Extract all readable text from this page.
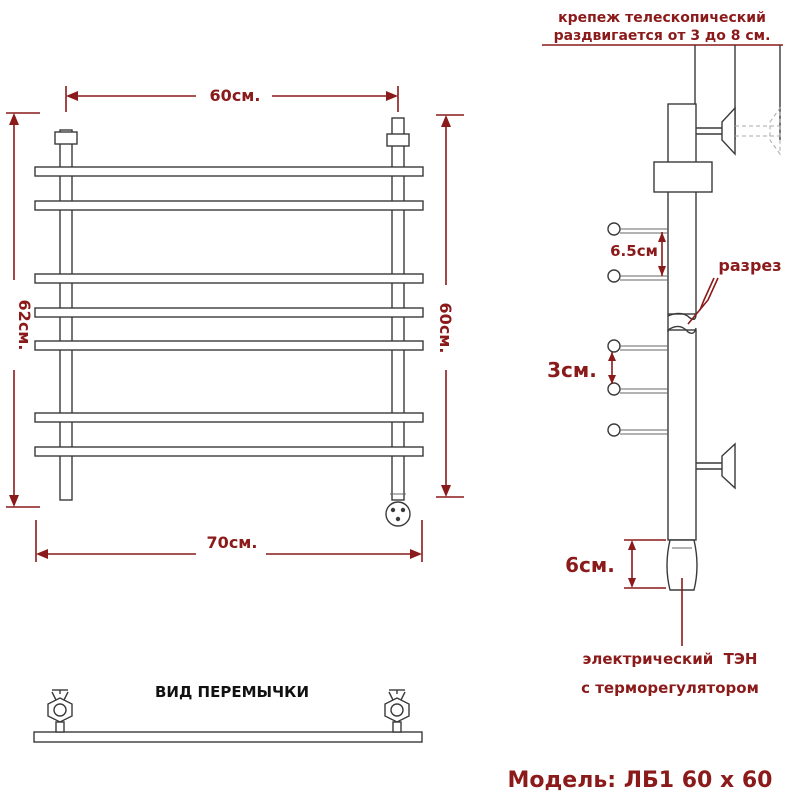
60см.
62см.	60см.
70см.
ВИД ПЕРЕМЫЧКИ
крепеж телескопический
раздвигается от 3 до 8 см.
6.5см
разрез
3см.
6см.
электрический  ТЭН
с терморегулятором
Модель: ЛБ1 60 х 60
